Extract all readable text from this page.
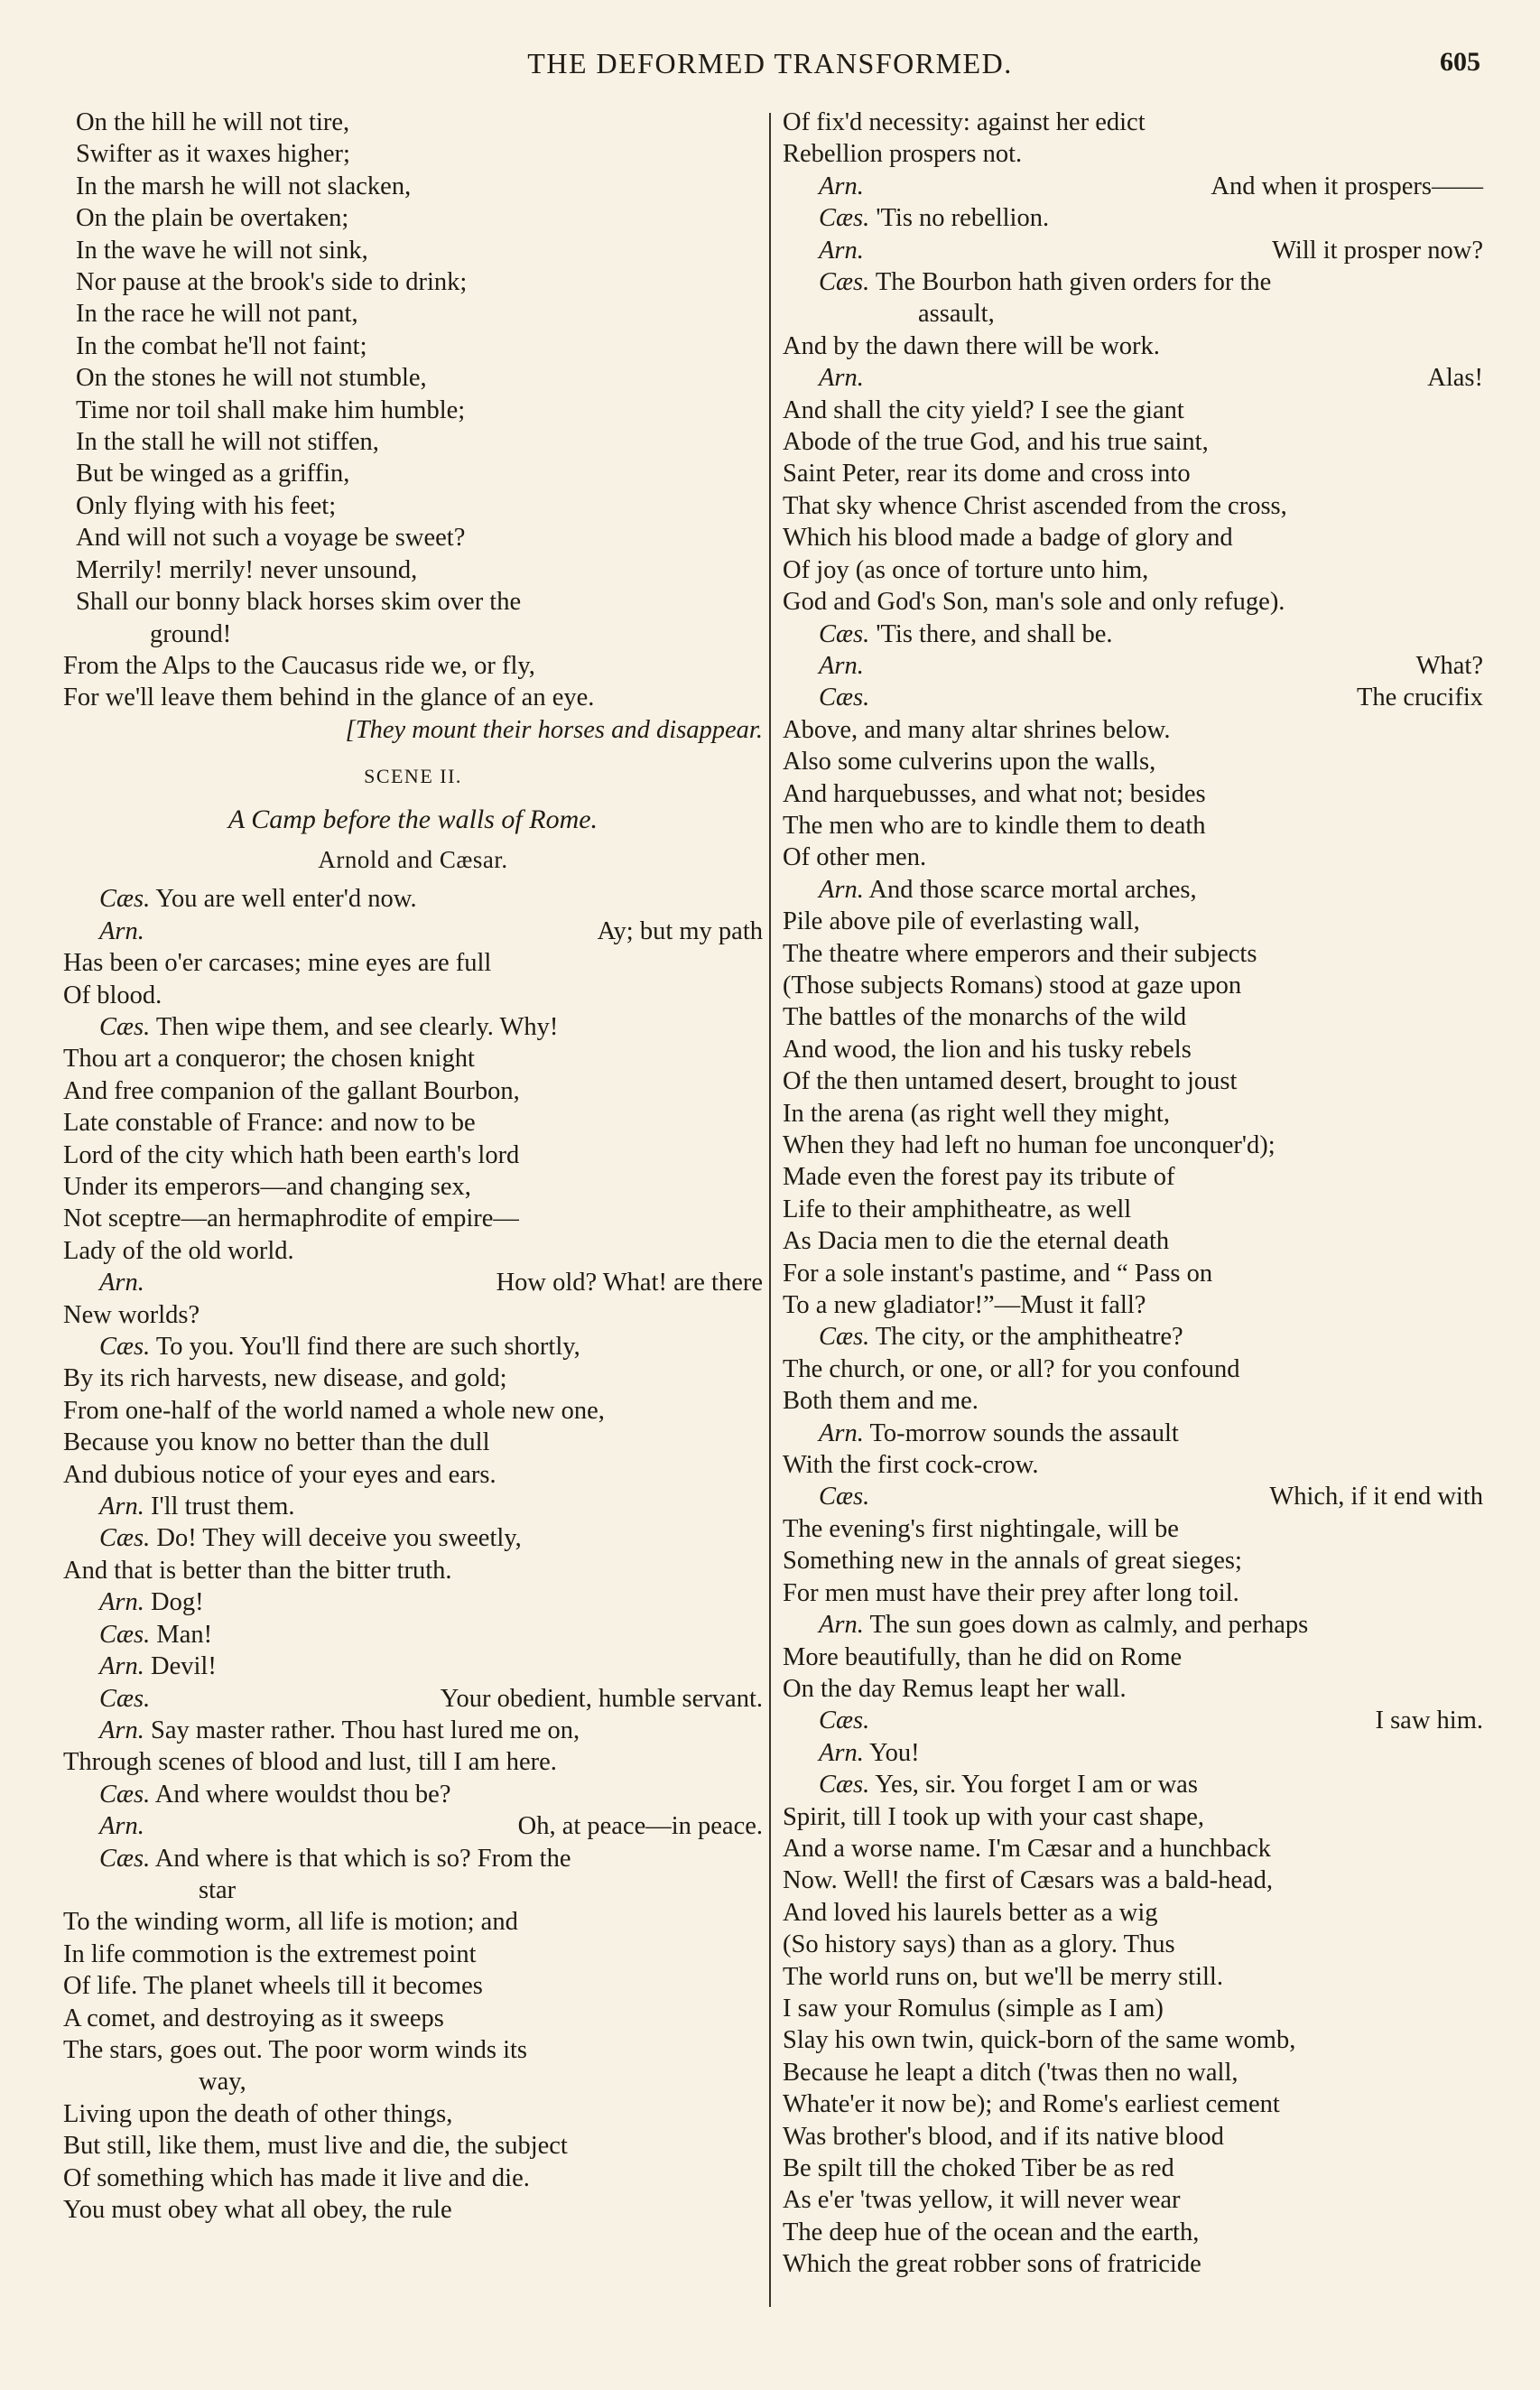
THE DEFORMED TRANSFORMED.	605
On the hill he will not tire,
Swifter as it waxes higher;
In the marsh he will not slacken,
On the plain be overtaken;
In the wave he will not sink,
Nor pause at the brook's side to drink;
In the race he will not pant,
In the combat he'll not faint;
On the stones he will not stumble,
Time nor toil shall make him humble;
In the stall he will not stiffen,
But be winged as a griffin,
Only flying with his feet;
And will not such a voyage be sweet?
Merrily! merrily! never unsound,
Shall our bonny black horses skim over the
ground!
From the Alps to the Caucasus ride we, or fly,
For we'll leave them behind in the glance of an eye.
[They mount their horses and disappear.
SCENE II.
A Camp before the walls of Rome.
Arnold and Cæsar.
Cæs. You are well enter'd now.
Arn.	Ay; but my path
Has been o'er carcases; mine eyes are full
Of blood.
Cæs. Then wipe them, and see clearly. Why!
Thou art a conqueror; the chosen knight
And free companion of the gallant Bourbon,
Late constable of France: and now to be
Lord of the city which hath been earth's lord
Under its emperors—and changing sex,
Not sceptre—an hermaphrodite of empire—
Lady of the old world.
Arn.	How old? What! are there
New worlds?
Cæs. To you. You'll find there are such shortly,
By its rich harvests, new disease, and gold;
From one-half of the world named a whole new one,
Because you know no better than the dull
And dubious notice of your eyes and ears.
Arn. I'll trust them.
Cæs. Do! They will deceive you sweetly,
And that is better than the bitter truth.
Arn. Dog!
Cæs. Man!
Arn. Devil!
Cæs.	Your obedient, humble servant.
Arn. Say master rather. Thou hast lured me on,
Through scenes of blood and lust, till I am here.
Cæs. And where wouldst thou be?
Arn.	Oh, at peace—in peace.
Cæs. And where is that which is so? From the
star
To the winding worm, all life is motion; and
In life commotion is the extremest point
Of life. The planet wheels till it becomes
A comet, and destroying as it sweeps
The stars, goes out. The poor worm winds its
way,
Living upon the death of other things,
But still, like them, must live and die, the subject
Of something which has made it live and die.
You must obey what all obey, the rule
Of fix'd necessity: against her edict
Rebellion prospers not.
Arn.	And when it prospers——
Cæs. 'Tis no rebellion.
Arn.	Will it prosper now?
Cæs. The Bourbon hath given orders for the
assault,
And by the dawn there will be work.
Arn.	Alas!
And shall the city yield? I see the giant
Abode of the true God, and his true saint,
Saint Peter, rear its dome and cross into
That sky whence Christ ascended from the cross,
Which his blood made a badge of glory and
Of joy (as once of torture unto him,
God and God's Son, man's sole and only refuge).
Cæs. 'Tis there, and shall be.
Arn.	What?
Cæs.	The crucifix
Above, and many altar shrines below.
Also some culverins upon the walls,
And harquebusses, and what not; besides
The men who are to kindle them to death
Of other men.
Arn. And those scarce mortal arches,
Pile above pile of everlasting wall,
The theatre where emperors and their subjects
(Those subjects Romans) stood at gaze upon
The battles of the monarchs of the wild
And wood, the lion and his tusky rebels
Of the then untamed desert, brought to joust
In the arena (as right well they might,
When they had left no human foe unconquer'd);
Made even the forest pay its tribute of
Life to their amphitheatre, as well
As Dacia men to die the eternal death
For a sole instant's pastime, and “ Pass on
To a new gladiator!”—Must it fall?
Cæs. The city, or the amphitheatre?
The church, or one, or all? for you confound
Both them and me.
Arn. To-morrow sounds the assault
With the first cock-crow.
Cæs.	Which, if it end with
The evening's first nightingale, will be
Something new in the annals of great sieges;
For men must have their prey after long toil.
Arn. The sun goes down as calmly, and perhaps
More beautifully, than he did on Rome
On the day Remus leapt her wall.
Cæs.	I saw him.
Arn. You!
Cæs. Yes, sir. You forget I am or was
Spirit, till I took up with your cast shape,
And a worse name. I'm Cæsar and a hunchback
Now. Well! the first of Cæsars was a bald-head,
And loved his laurels better as a wig
(So history says) than as a glory. Thus
The world runs on, but we'll be merry still.
I saw your Romulus (simple as I am)
Slay his own twin, quick-born of the same womb,
Because he leapt a ditch ('twas then no wall,
Whate'er it now be); and Rome's earliest cement
Was brother's blood, and if its native blood
Be spilt till the choked Tiber be as red
As e'er 'twas yellow, it will never wear
The deep hue of the ocean and the earth,
Which the great robber sons of fratricide
